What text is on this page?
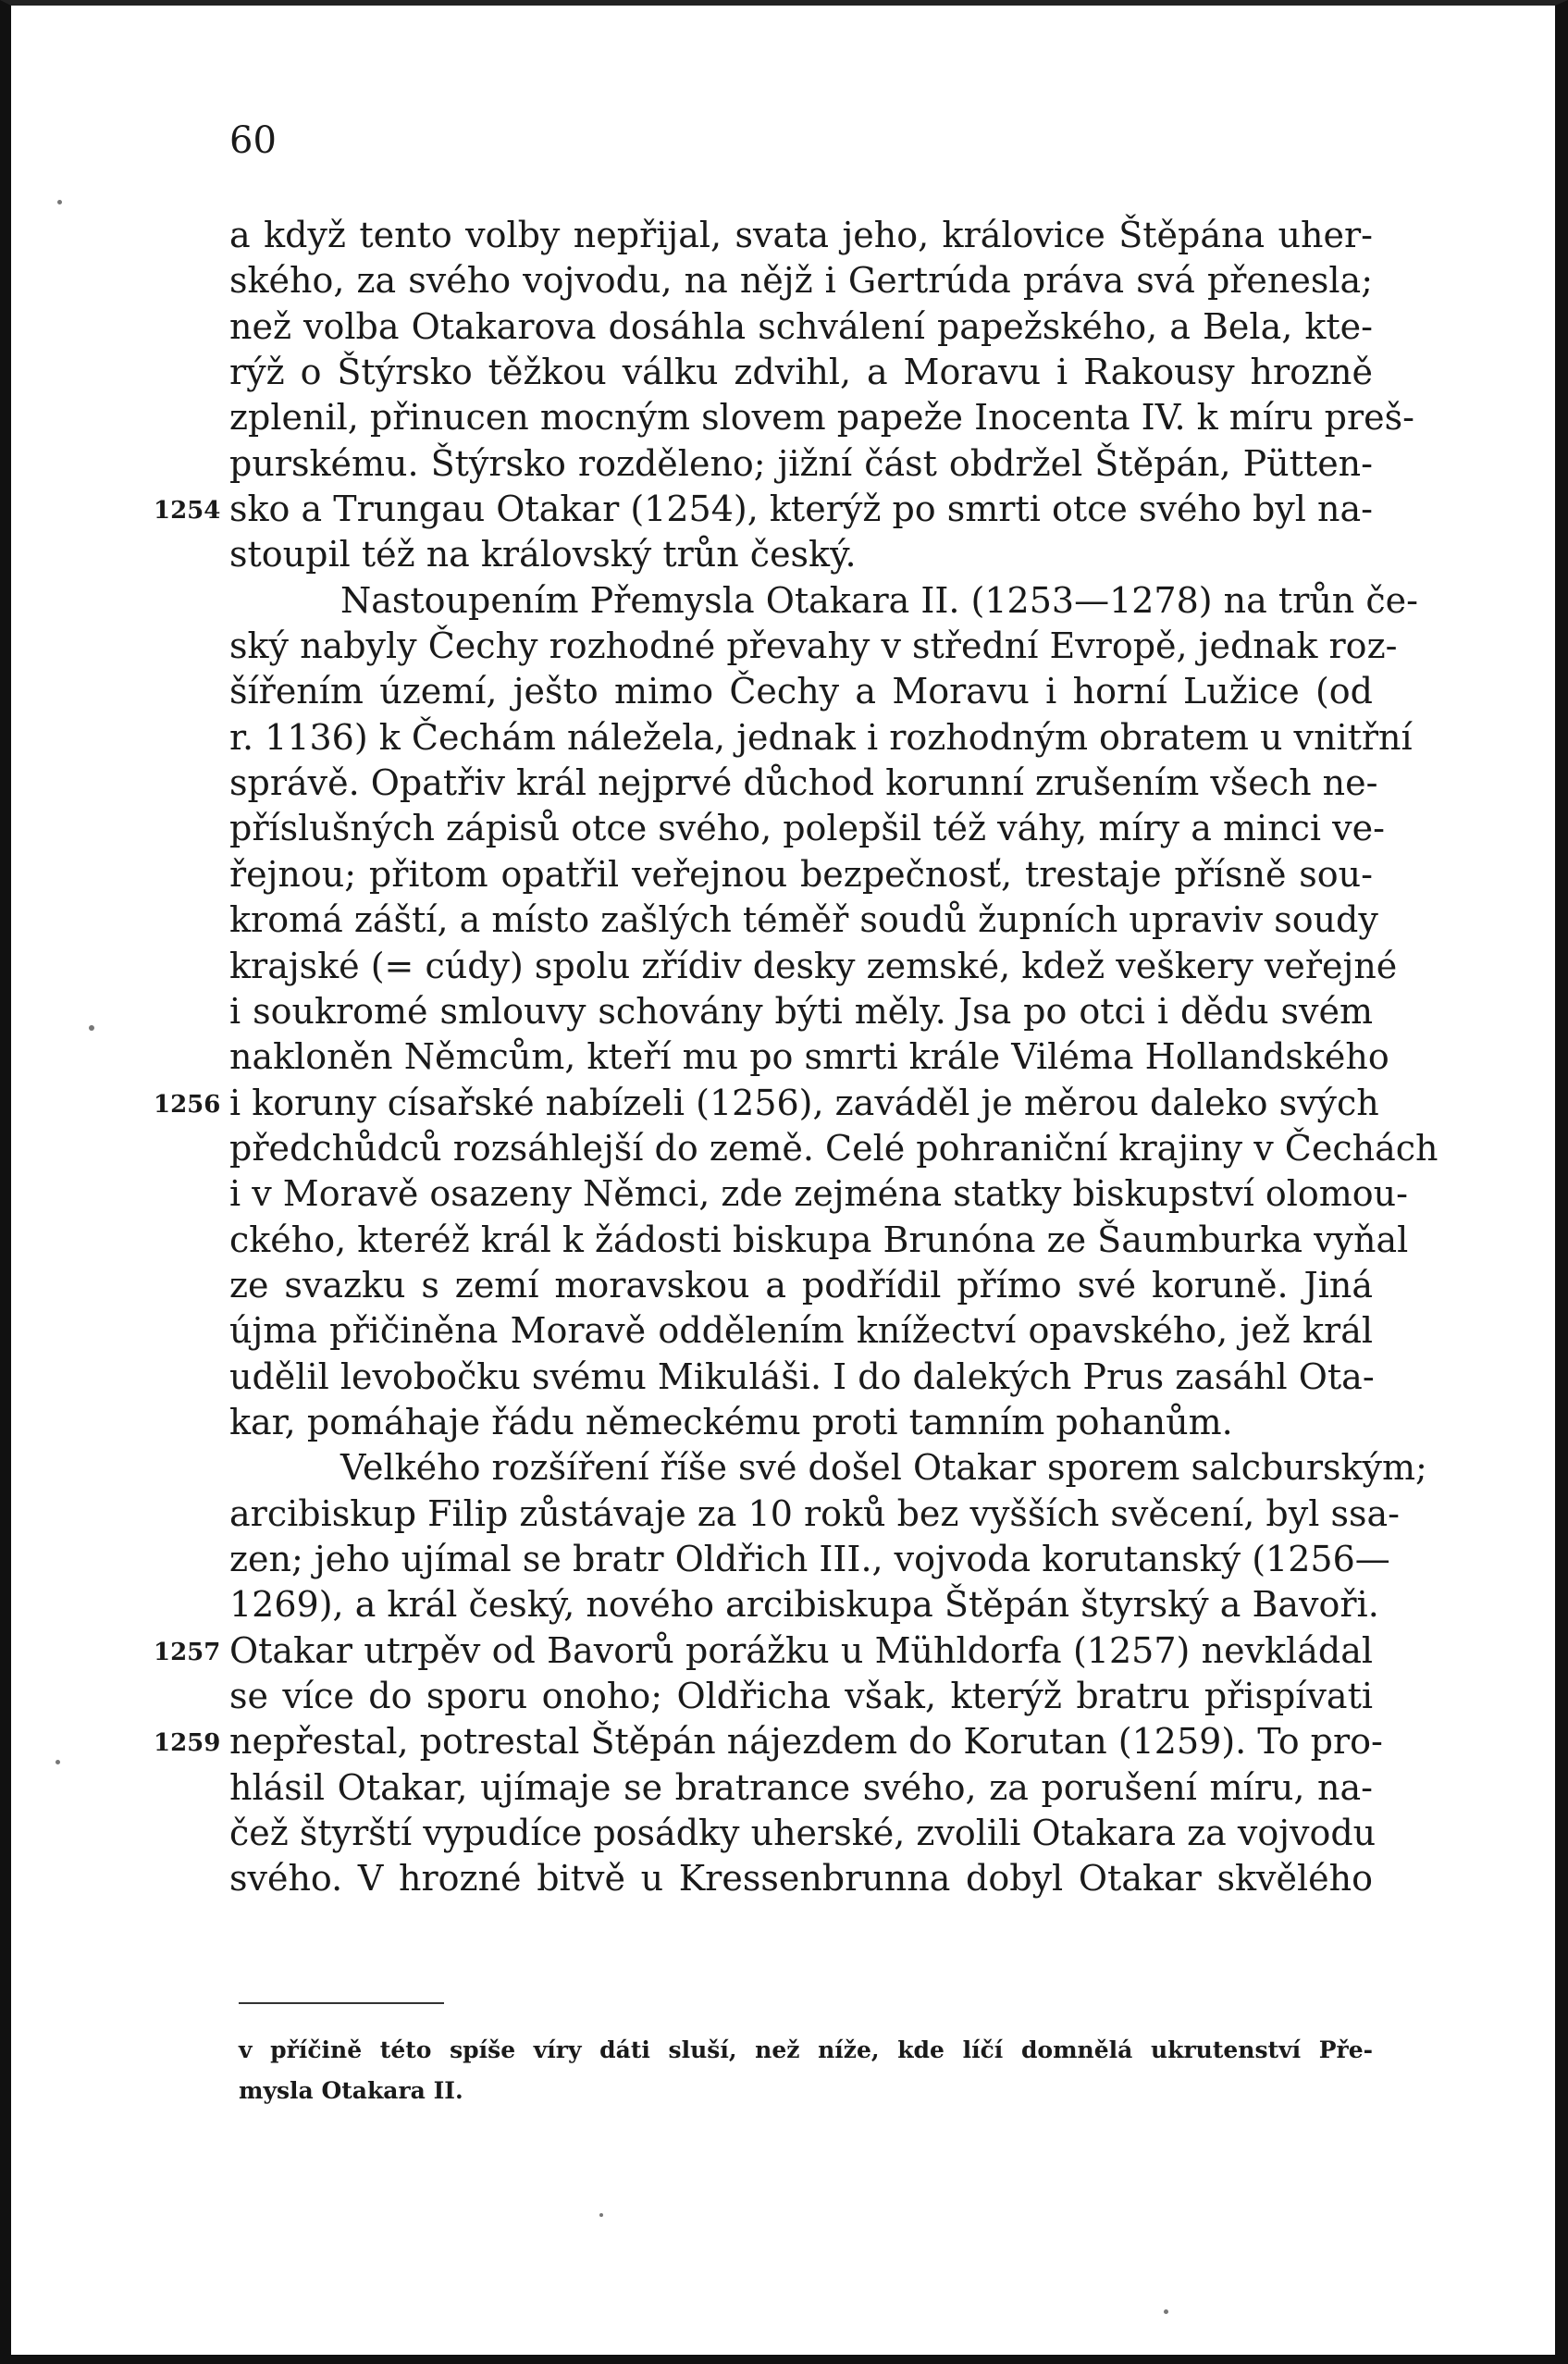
60
a když tento volby nepřijal, svata jeho, královice Štěpána uher-
ského, za svého vojvodu, na nějž i Gertrúda práva svá přenesla;
než volba Otakarova dosáhla schválení papežského, a Bela, kte-
rýž o Štýrsko těžkou válku zdvihl, a Moravu i Rakousy hrozně
zplenil, přinucen mocným slovem papeže Inocenta IV. k míru preš-
purskému. Štýrsko rozděleno; jižní část obdržel Štěpán, Pütten-
1254 sko a Trungau Otakar (1254), kterýž po smrti otce svého byl na-
stoupil též na královský trůn český.
Nastoupením Přemysla Otakara II. (1253—1278) na trůn če-
ský nabyly Čechy rozhodné převahy v střední Evropě, jednak roz-
šířením území, ješto mimo Čechy a Moravu i horní Lužice (od
r. 1136) k Čechám náležela, jednak i rozhodným obratem u vnitřní
správě. Opatřiv král nejprvé důchod korunní zrušením všech ne-
příslušných zápisů otce svého, polepšil též váhy, míry a minci ve-
řejnou; přitom opatřil veřejnou bezpečnosť, trestaje přísně sou-
kromá záští, a místo zašlých téměř soudů župních upraviv soudy
krajské (= cúdy) spolu zřídiv desky zemské, kdež veškery veřejné
i soukromé smlouvy schovány býti měly. Jsa po otci i dědu svém
nakloněn Němcům, kteří mu po smrti krále Viléma Hollandského
1256 i koruny císařské nabízeli (1256), zaváděl je měrou daleko svých
předchůdců rozsáhlejší do země. Celé pohraniční krajiny v Čechách
i v Moravě osazeny Němci, zde zejména statky biskupství olomou-
ckého, kteréž král k žádosti biskupa Brunóna ze Šaumburka vyňal
ze svazku s zemí moravskou a podřídil přímo své koruně. Jiná
újma přičiněna Moravě oddělením knížectví opavského, jež král
udělil levobočku svému Mikuláši. I do dalekých Prus zasáhl Ota-
kar, pomáhaje řádu německému proti tamním pohanům.
Velkého rozšíření říše své došel Otakar sporem salcburským;
arcibiskup Filip zůstávaje za 10 roků bez vyšších svěcení, byl ssa-
zen; jeho ujímal se bratr Oldřich III., vojvoda korutanský (1256—
1269), a král český, nového arcibiskupa Štěpán štyrský a Bavoři.
1257 Otakar utrpěv od Bavorů porážku u Mühldorfa (1257) nevkládal
se více do sporu onoho; Oldřicha však, kterýž bratru přispívati
1259 nepřestal, potrestal Štěpán nájezdem do Korutan (1259). To pro-
hlásil Otakar, ujímaje se bratrance svého, za porušení míru, na-
čež štyrští vypudíce posádky uherské, zvolili Otakara za vojvodu
svého. V hrozné bitvě u Kressenbrunna dobyl Otakar skvělého
v příčině této spíše víry dáti sluší, než níže, kde líčí domnělá ukrutenství Pře-
mysla Otakara II.
